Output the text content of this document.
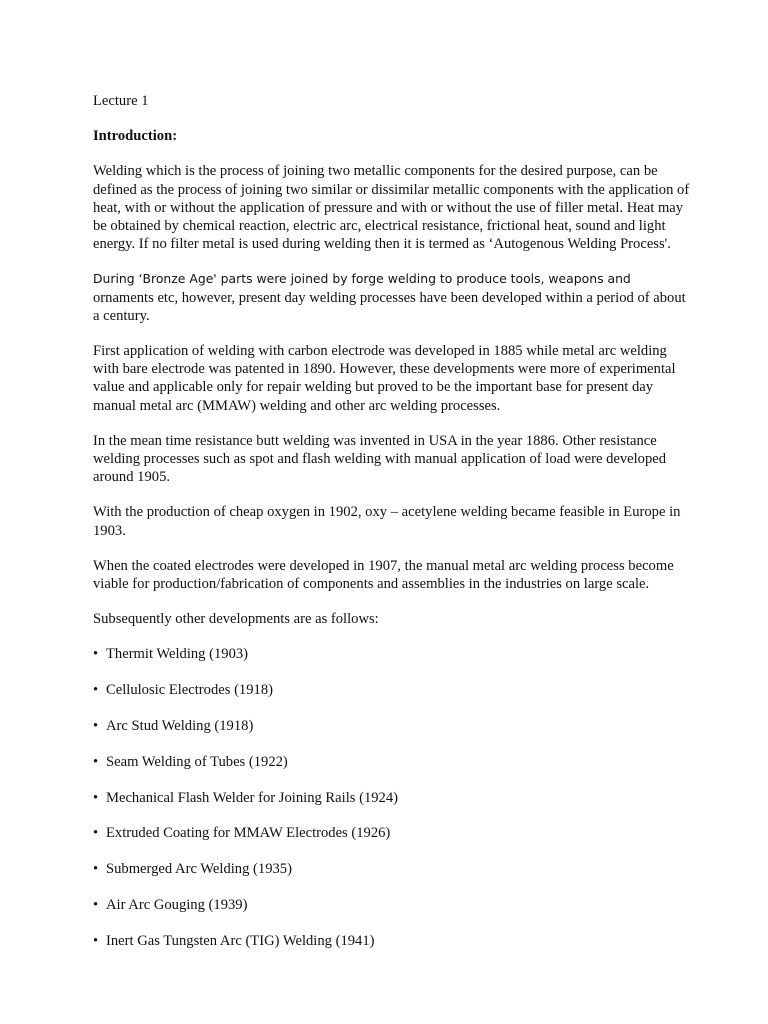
Lecture 1
Introduction:

Welding which is the process of joining two metallic components for the desired purpose, can be defined as the process of joining two similar or dissimilar metallic components with the application of heat, with or without the application of pressure and with or without the use of filler metal. Heat may be obtained by chemical reaction, electric arc, electrical resistance, frictional heat, sound and light energy. If no filter metal is used during welding then it is termed as ‘Autogenous Welding Process'.

During ‘Bronze Age' parts were joined by forge welding to produce tools, weapons and ornaments etc, however, present day welding processes have been developed within a period of about a century.

First application of welding with carbon electrode was developed in 1885 while metal arc welding with bare electrode was patented in 1890. However, these developments were more of experimental value and applicable only for repair welding but proved to be the important base for present day manual metal arc (MMAW) welding and other arc welding processes.

In the mean time resistance butt welding was invented in USA in the year 1886. Other resistance welding processes such as spot and flash welding with manual application of load were developed around 1905.

With the production of cheap oxygen in 1902, oxy – acetylene welding became feasible in Europe in 1903.

When the coated electrodes were developed in 1907, the manual metal arc welding process become viable for production/fabrication of components and assemblies in the industries on large scale.

Subsequently other developments are as follows:

• Thermit Welding (1903)
• Cellulosic Electrodes (1918)
• Arc Stud Welding (1918)
• Seam Welding of Tubes (1922)
• Mechanical Flash Welder for Joining Rails (1924)
• Extruded Coating for MMAW Electrodes (1926)
• Submerged Arc Welding (1935)
• Air Arc Gouging (1939)
• Inert Gas Tungsten Arc (TIG) Welding (1941)
